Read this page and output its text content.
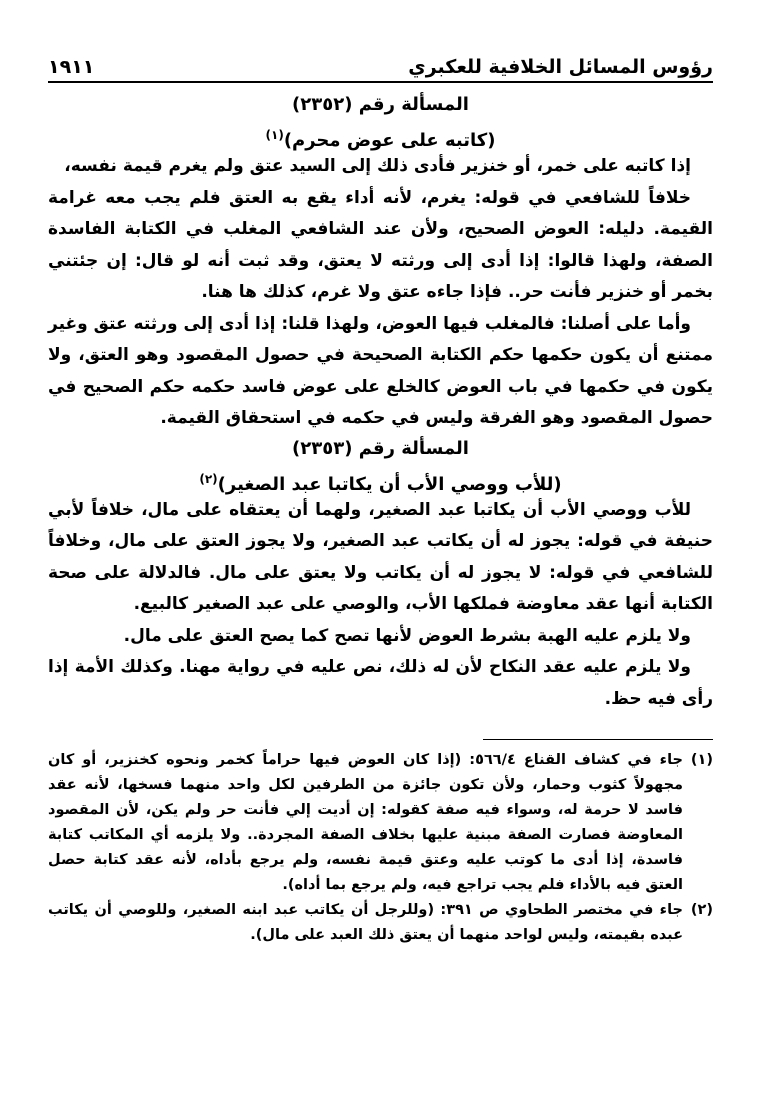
رؤوس المسائل الخلافية للعكبري
١٩١١
المسألة رقم (٢٣٥٢)
(كاتبه على عوض محرم)$^{(١)}$

إذا كاتبه على خمر، أو خنزير فأدى ذلك إلى السيد عتق ولم يغرم قيمة نفسه،

خلافاً للشافعي في قوله: يغرم، لأنه أداء يقع به العتق فلم يجب معه غرامة القيمة. دليله: العوض الصحيح، ولأن عند الشافعي المغلب في الكتابة الفاسدة الصفة، ولهذا قالوا: إذا أدى إلى ورثته لا يعتق، وقد ثبت أنه لو قال: إن جئتني بخمر أو خنزير فأنت حر.. فإذا جاءه عتق ولا غرم، كذلك ها هنا.

وأما على أصلنا: فالمغلب فيها العوض، ولهذا قلنا: إذا أدى إلى ورثته عتق وغير ممتنع أن يكون حكمها حكم الكتابة الصحيحة في حصول المقصود وهو العتق، ولا يكون في حكمها في باب العوض كالخلع على عوض فاسد حكمه حكم الصحيح في حصول المقصود وهو الفرقة وليس في حكمه في استحقاق القيمة.

المسألة رقم (٢٣٥٣)
(للأب ووصي الأب أن يكاتبا عبد الصغير)$^{(٢)}$

للأب ووصي الأب أن يكاتبا عبد الصغير، ولهما أن يعتقاه على مال، خلافاً لأبي حنيفة في قوله: يجوز له أن يكاتب عبد الصغير، ولا يجوز العتق على مال، وخلافاً للشافعي في قوله: لا يجوز له أن يكاتب ولا يعتق على مال. فالدلالة على صحة الكتابة أنها عقد معاوضة فملكها الأب، والوصي على عبد الصغير كالبيع.

ولا يلزم عليه الهبة بشرط العوض لأنها تصح كما يصح العتق على مال.

ولا يلزم عليه عقد النكاح لأن له ذلك، نص عليه في رواية مهنا. وكذلك الأمة إذا رأى فيه حظ.

(١)
جاء في كشاف القناع ٥٦٦/٤: (إذا كان العوض فيها حراماً كخمر ونحوه كخنزير، أو كان مجهولاً كثوب وحمار، ولأن تكون جائزة من الطرفين لكل واحد منهما فسخها، لأنه عقد فاسد لا حرمة له، وسواء فيه صفة كقوله: إن أديت إلي فأنت حر ولم يكن، لأن المقصود المعاوضة فصارت الصفة مبنية عليها بخلاف الصفة المجردة.. ولا يلزمه أي المكاتب كتابة فاسدة، إذا أدى ما كوتب عليه وعتق قيمة نفسه، ولم يرجع بأداه، لأنه عقد كتابة حصل العتق فيه بالأداء فلم يجب تراجع فيه، ولم يرجع بما أداه).
(٢)
جاء في مختصر الطحاوي ص ٣٩١: (وللرجل أن يكاتب عبد ابنه الصغير، وللوصي أن يكاتب عبده بقيمته، وليس لواحد منهما أن يعتق ذلك العبد على مال).
